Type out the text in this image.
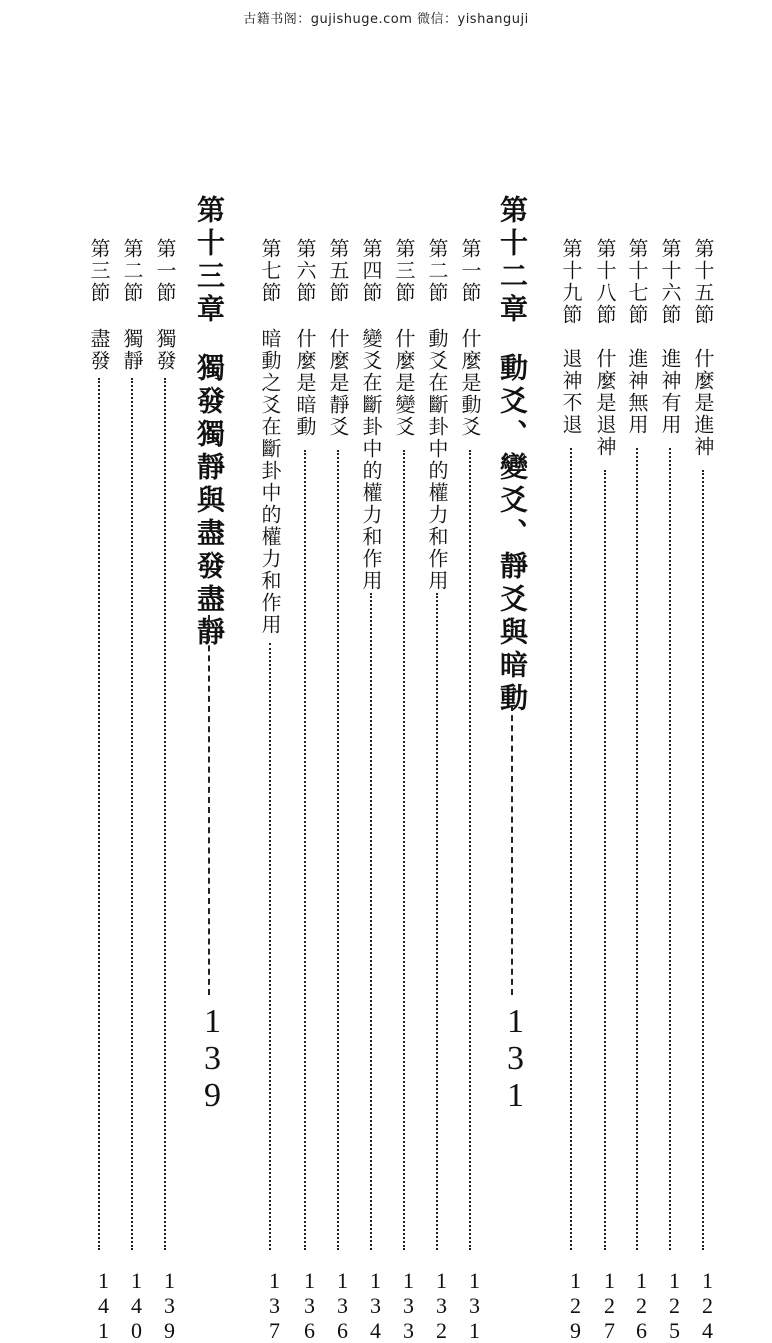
古籍书阁：gujishuge.com 微信：yishanguji
第十五節
什麼是進神
124
第十六節
進神有用
125
第十七節
進神無用
126
第十八節
什麼是退神
127
第十九節
退神不退
129
第十二章
動爻、變爻、靜爻與暗動
131
第一節
什麼是動爻
131
第二節
動爻在斷卦中的權力和作用
132
第三節
什麼是變爻
133
第四節
變爻在斷卦中的權力和作用
134
第五節
什麼是靜爻
136
第六節
什麼是暗動
136
第七節
暗動之爻在斷卦中的權力和作用
137
第十三章
獨發獨靜與盡發盡靜
139
第一節
獨發
139
第二節
獨靜
140
第三節
盡發
141
